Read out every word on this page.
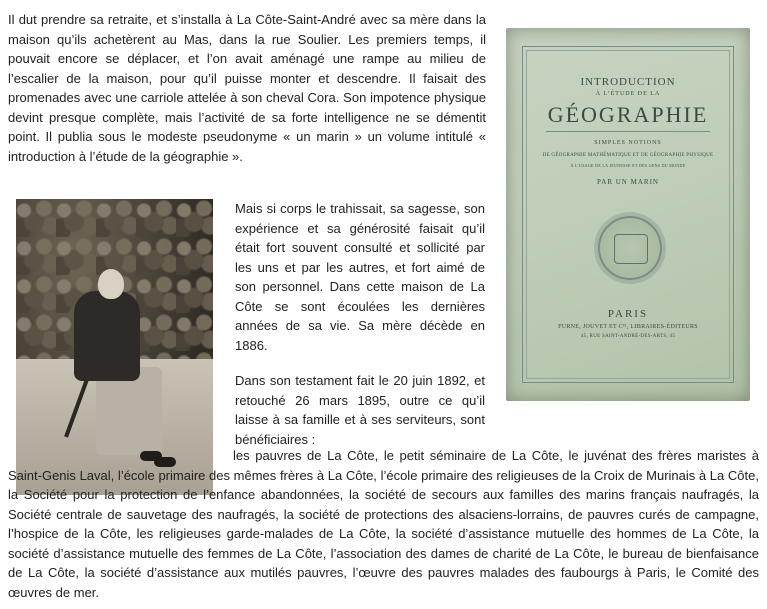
Il dut prendre sa retraite, et s’installa à La Côte-Saint-André avec sa mère dans la maison qu’ils achetèrent au Mas, dans la rue Soulier. Les premiers temps, il pouvait encore se déplacer, et l’on avait aménagé une rampe au milieu de l’escalier de la maison, pour qu’il puisse monter et descendre. Il faisait des promenades avec une carriole attelée à son cheval Cora. Son impotence physique devint presque complète, mais l’activité de sa forte intelligence ne se démentit point. Il publia sous le modeste pseudonyme « un marin » un volume intitulé « introduction à l’étude de la géographie ».

Mais si corps le trahissait, sa sagesse, son expérience et sa générosité faisait qu’il était fort souvent consulté et sollicité par les uns et par les autres, et fort aimé de son personnel. Dans cette maison de La Côte se sont écoulées les dernières années de sa vie. Sa mère décède en 1886.

Dans son testament fait le 20 juin 1892, et retouché 26 mars 1895, outre ce qu’il laisse à sa famille et à ses serviteurs, sont bénéficiaires :

les pauvres de La Côte, le petit séminaire de La Côte, le juvénat des frères maristes à Saint-Genis Laval, l’école primaire des mêmes frères à La Côte, l’école primaire des religieuses de la Croix de Murinais à La Côte, la Société pour la protection de l’enfance abandonnées, la société de secours aux familles des marins français naufragés, la Société centrale de sauvetage des naufragés, la société de protections des alsaciens-lorrains, de pauvres curés de campagne, l’hospice de la Côte, les religieuses garde-malades de La Côte, la société d’assistance mutuelle des hommes de La Côte, la société d’assistance mutuelle des femmes de La Côte, l’association des dames de charité de La Côte, le bureau de bienfaisance de La Côte, la société d’assistance aux mutilés pauvres, l’œuvre des pauvres malades des faubourgs à Paris, le Comité des œuvres de mer.

INTRODUCTION
À L’ÉTUDE DE LA
GÉOGRAPHIE
SIMPLES NOTIONS
DE GÉOGRAPHIE MATHÉMATIQUE ET DE GÉOGRAPHIE PHYSIQUE
À L’USAGE DE LA JEUNESSE ET DES GENS DU MONDE
PAR UN MARIN
PARIS
FURNE, JOUVET ET Cᴵᴱ, LIBRAIRES-ÉDITEURS
45, RUE SAINT-ANDRÉ-DES-ARTS, 45
